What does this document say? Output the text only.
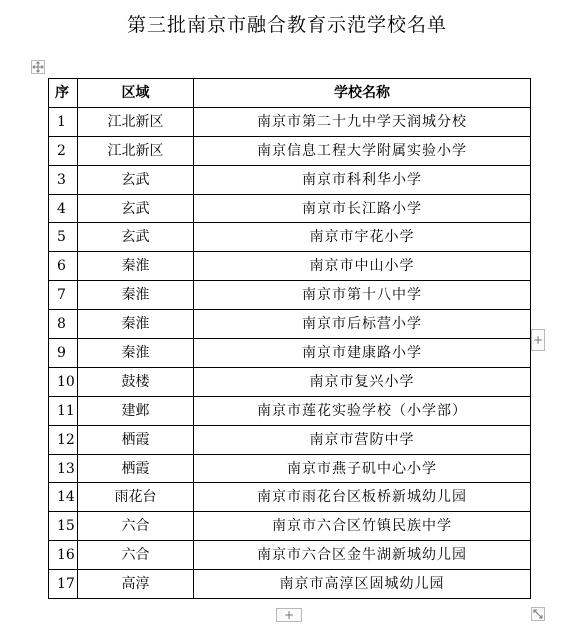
第三批南京市融合教育示范学校名单
序	区域	学校名称
1	江北新区	南京市第二十九中学天润城分校
2	江北新区	南京信息工程大学附属实验小学
3	玄武	南京市科利华小学
4	玄武	南京市长江路小学
5	玄武	南京市宇花小学
6	秦淮	南京市中山小学
7	秦淮	南京市第十八中学
8	秦淮	南京市后标营小学
9	秦淮	南京市建康路小学
10	鼓楼	南京市复兴小学
11	建邺	南京市莲花实验学校（小学部）
12	栖霞	南京市营防中学
13	栖霞	南京市燕子矶中心小学
14	雨花台	南京市雨花台区板桥新城幼儿园
15	六合	南京市六合区竹镇民族中学
16	六合	南京市六合区金牛湖新城幼儿园
17	高淳	南京市高淳区固城幼儿园
+
+
